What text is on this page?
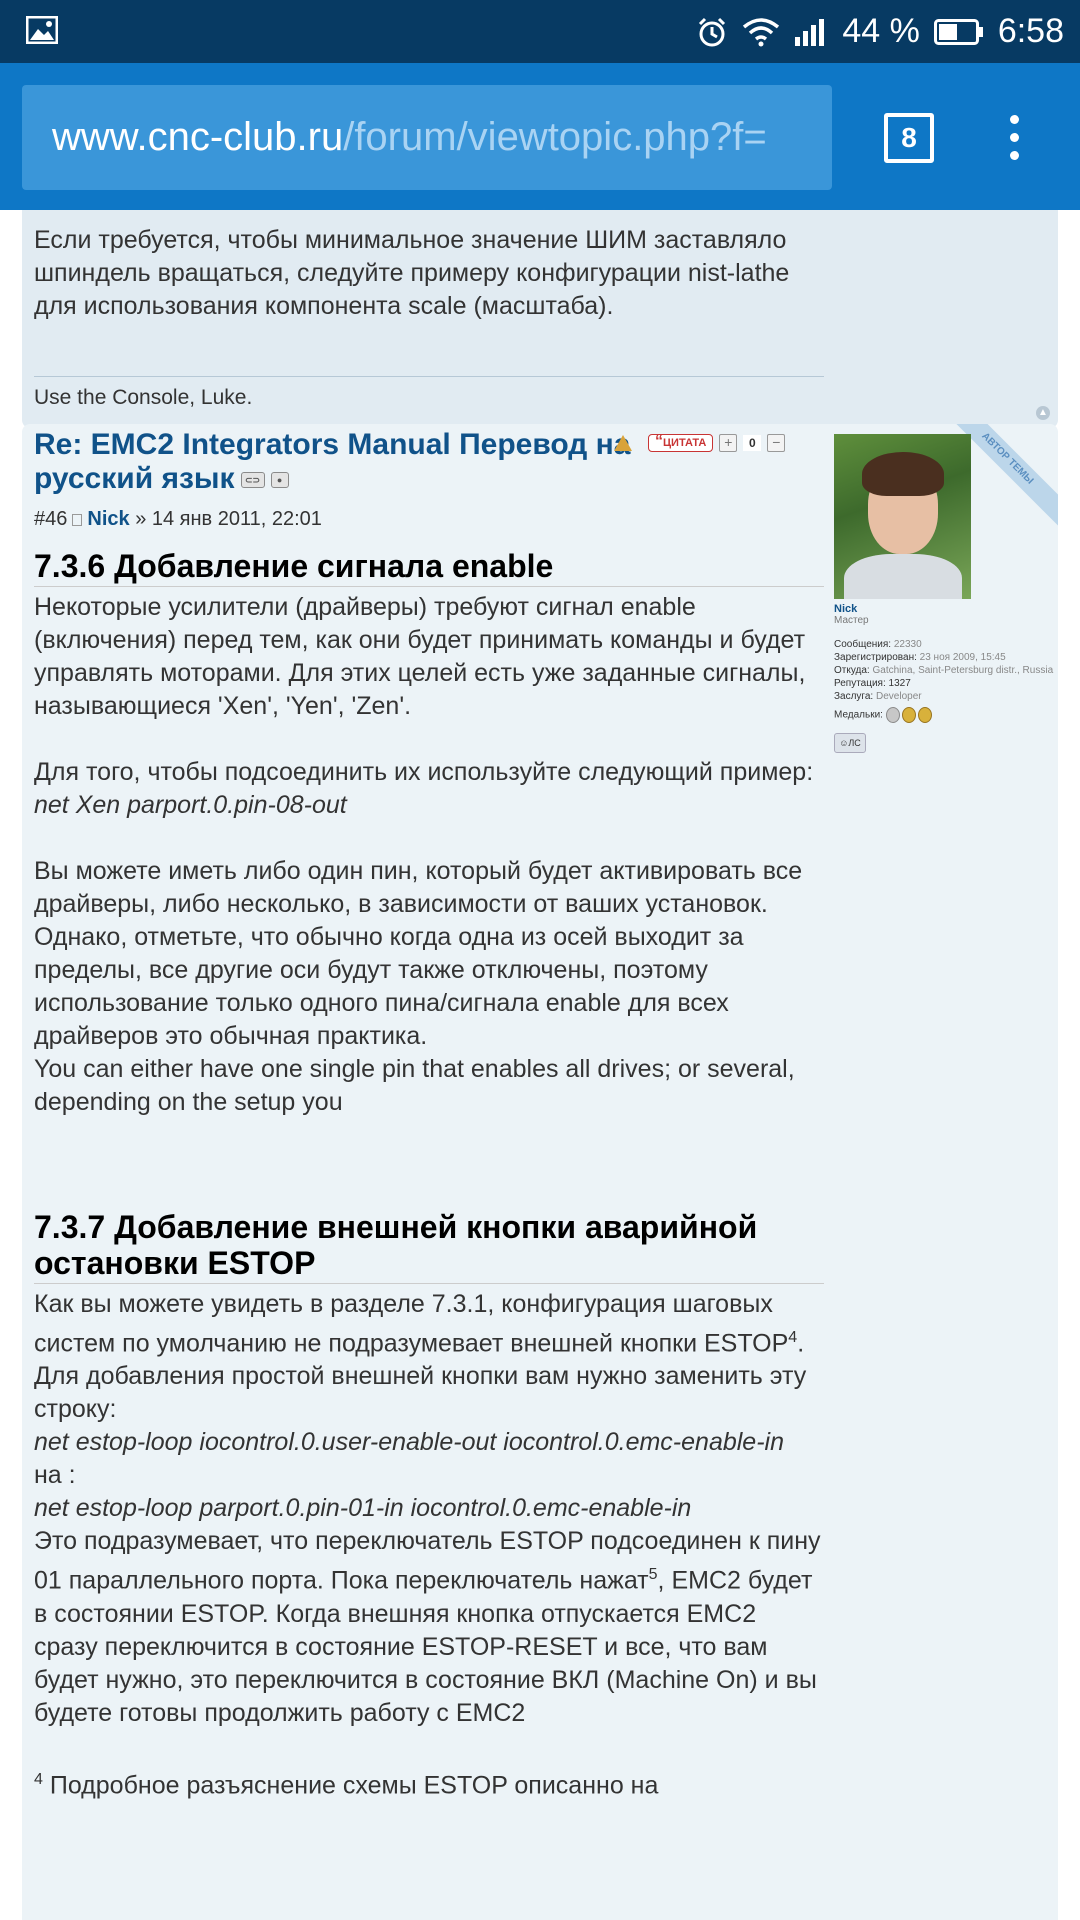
44 % 6:58
www.cnc-club.ru/forum/viewtopic.php?f=	8
Если требуется, чтобы минимальное значение ШИМ заставляло шпиндель вращаться, следуйте примеру конфигурации nist-lathe для использования компонента scale (масштаба).
Use the Console, Luke.
▲
Re: EMC2 Integrators Manual Перевод на русский язык ⊂⊃ ●
“ЦИТАТА	+	0	−
#46 Nick » 14 янв 2011, 22:01
7.3.6 Добавление сигнала enable

Некоторые усилители (драйверы) требуют сигнал enable (включения) перед тем, как они будет принимать команды и будет управлять моторами. Для этих целей есть уже заданные сигналы, называющиеся 'Xen', 'Yen', 'Zen'.

Для того, чтобы подсоединить их используйте следующий пример:

net Xen parport.0.pin-08-out

Вы можете иметь либо один пин, который будет активировать все драйверы, либо несколько, в зависимости от ваших установок. Однако, отметьте, что обычно когда одна из осей выходит за пределы, все другие оси будут также отключены, поэтому использование только одного пина/сигнала enable для всех драйверов это обычная практика.

You can either have one single pin that enables all drives; or several, depending on the setup you

7.3.7 Добавление внешней кнопки аварийной остановки ESTOP

Как вы можете увидеть в разделе 7.3.1, конфигурация шаговых систем по умолчанию не подразумевает внешней кнопки ESTOP$^4$. Для добавления простой внешней кнопки вам нужно заменить эту строку:

net estop-loop iocontrol.0.user-enable-out iocontrol.0.emc-enable-in

на :

net estop-loop parport.0.pin-01-in iocontrol.0.emc-enable-in

Это подразумевает, что переключатель ESTOP подсоединен к пину 01 параллельного порта. Пока переключатель нажат$^5$, EMC2 будет в состоянии ESTOP. Когда внешняя кнопка отпускается EMC2 сразу переключится в состояние ESTOP-RESET и все, что вам будет нужно, это переключится в состояние ВКЛ (Machine On) и вы будете готовы продолжить работу с EMC2

$^4$ Подробное разъяснение схемы ESTOP описанно на

АВТОР ТЕМЫ
Nick
Мастер
Сообщения: 22330
Зарегистрирован: 23 ноя 2009, 15:45
Откуда: Gatchina, Saint-Petersburg distr., Russia
Репутация: 1327
Заслуга: Developer
Медальки:
☺ЛС
